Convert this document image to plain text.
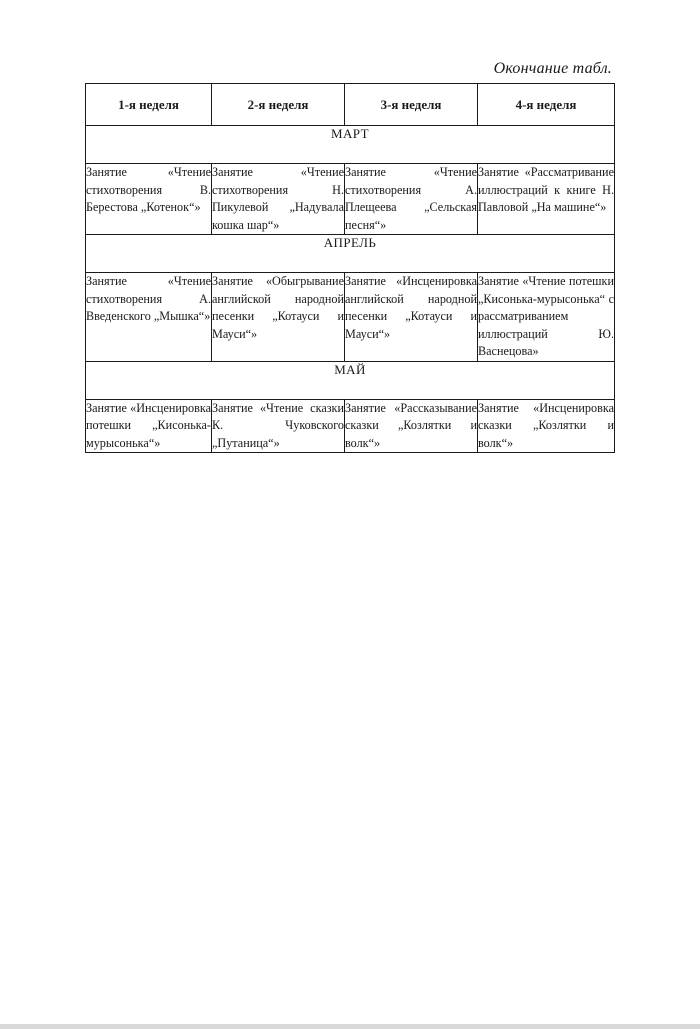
Окончание табл.
1-я неделя	2-я неделя	3-я неделя	4-я неделя
МАРТ			
Занятие «Чтение стихотворения В. Берестова „Котенок“»	Занятие «Чтение стихотворения Н. Пикулевой „Надувала кошка шар“»	Занятие «Чтение стихотворения А. Плещеева „Сельская песня“»	Занятие «Рассматривание иллюстраций к книге Н. Павловой „На машине“»
АПРЕЛЬ			
Занятие «Чтение стихотворения А. Введенского „Мышка“»	Занятие «Обыгрывание английской народной песенки „Котауси и Мауси“»	Занятие «Инсценировка английской народной песенки „Котауси и Мауси“»	Занятие «Чтение потешки „Кисонька-мурысонька“ с рассматриванием иллюстраций Ю. Васнецова»
МАЙ			
Занятие «Инсценировка потешки „Кисонька-мурысонька“»	Занятие «Чтение сказки К. Чуковского „Путаница“»	Занятие «Рассказывание сказки „Козлятки и волк“»	Занятие «Инсценировка сказки „Козлятки и волк“»
